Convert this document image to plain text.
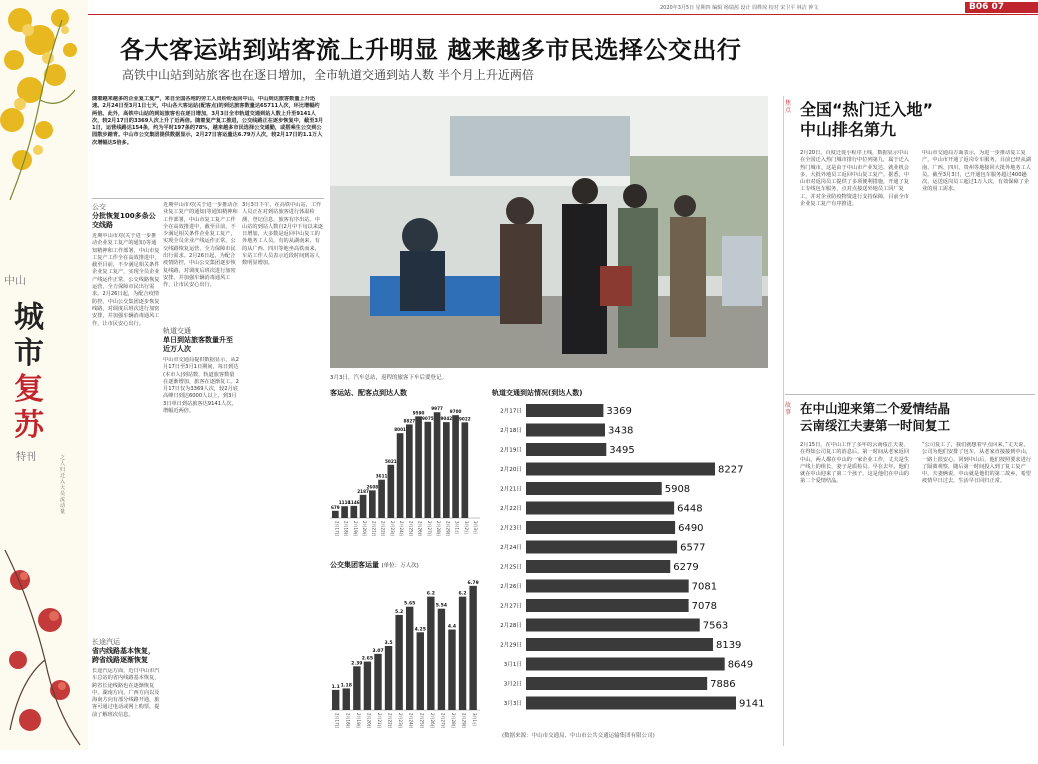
2020年3月5日 星期四 编辑 杨瑞茜 设计 周桦琼 校对 宋卫平 林洁 钟文	B06 07
中山
城
市
复
苏
特刊	之人归迁入大员流动量
各大客运站到站客流上升明显 越来越多市民选择公交出行
高铁中山站到站旅客也在逐日增加，全市轨道交通到站人数 半个月上升近两倍
随着越来越多的企业复工复产，来自全国各地的劳工人员纷纷返回中山，中山到达旅客数量上升迅速。2月24日至3月1日七天，中山各大客运站(配客点)的到达旅客数量达65711人次，环比增幅约两倍。此外，高铁中山站的到站旅客也在逐日增加，3月3日全市轨道交通到站人数上升至9141人次，较2月17日的3369人次上升了近两倍。随着复产复工推进，公交线路正在逐步恢复中，截至3月1日，运营线路达154条，约为平时197条的78%，越来越多市民选择公交通勤，或搭乘生公交到公园散步踏青。中山市公交集团提供数据显示，2月27日客运量达6.79万人次，较2月17日的1.1万人次增幅达5倍多。
公交
分批恢复100多条公交线路
近期中山市对(关于进一步推动企业复工复产的通知)等通知精神和工作部署，中山市复工复产工作全在高效推进中，截至目前，不少满足相关条件企业复工复产，实现全员企业产线运作正常，公交线路恢复运营，全力保障市民出行需求。2月26日起，为配合疫情防控，中山公交集团逐步恢复线路，对调度后班次进行加密安排，并加强车辆消毒通风工作，让市民安心出行。
长途汽运
省内线路基本恢复，跨省线路逐渐恢复
长途汽运方面，近日中山市汽车总站的省内线路基本恢复，跨省长途线路也在逐渐恢复中，湖南方向、广西方向以及海南方向有部分线路开通，旅客可通过电话或网上购票，提前了解班次信息。
近期中山市对(关于进一步推动企业复工复产的通知)等通知精神和工作部署，中山市复工复产工作全在高效推进中，截至目前，不少满足相关条件企业复工复产，实现全员企业产线运作正常，公交线路恢复运营，全力保障市民出行需求。2月26日起，为配合疫情防控，中山公交集团逐步恢复线路，对调度后班次进行加密安排，并加强车辆消毒通风工作，让市民安心出行。
轨道交通
单日到站旅客数量升至近万人次
中山市交通局提供数据显示，从2月17日至3月1日期间，每日到达(本市人)到站数，轨道旅客数量在逐渐增加，旅客在逐渐复工。2月17日仅为3369人次，较2月底高峰日到达6000人以上，到3月3日单日到站旅客达9141人次，增幅近两倍。
3月3日下午，在高铁中山站，工作人员正在对到站旅客进行体温检测、登记信息，旅客有序出站。中山站的到站人数自2月中下旬以来逐日增加，大多数是返回中山复工的外地务工人员，有的从湖南来、有的从广西、四川等地坐高铁而来，车站工作人员表示近段时间到站人数明显增加。
3月3日，汽车总站，返程的旅客下车后要登记。
客运站、配客点到达人数
679
2月17日
1110
2月18日
1146
2月19日
2187
2月20日
2608
2月21日
3611
2月22日
5021
2月23日
8001
2月24日
8827
2月25日
9590
2月26日
9075
2月27日
9977
2月28日
9042
2月29日
9700
3月1日
9022
3月2日 3月3日
公交集团客运量 (单位：万人次)
1.1
2月17日
1.18
2月18日
2.39
2月19日
2.65
2月20日
3.07
2月21日
3.5
2月22日
5.2
2月23日
5.65
2月24日
4.25
2月25日
6.2
2月26日
5.54
2月27日
4.4
2月28日
6.2
2月29日
6.79
3月1日
轨道交通到站情况(到达人数)
2月17日	3369
2月18日	3438
2月19日	3495
2月20日	8227
2月21日	5908
2月22日	6448
2月23日	6490
2月24日	6577
2月25日	6279
2月26日	7081
2月27日	7078
2月28日	7563
2月29日	8139
3月1日	8649
3月2日	7886
3月3日	9141
(数据来源：中山市交通局、中山市公共交通运输集团有限公司)
焦点 全国“热门迁入地”
中山排名第九
2月20日，百度迁徙小程序上线，数据显示中山在全国迁入热门城市排行中位列第九，属于迁入热门城市。这是由于中山市产业发达、就业机会多，大批外地员工返回中山复工复产。据悉，中山市对返岗员工提供了多项便利措施，开通了复工专线包车服务，点对点接送外地员工回厂复工，并对企业防疫物资进行支持保障，目前全市企业复工复产有序推进。
中山市交通局方面表示，为进一步推动复工复产，中山市开通了返岗专车服务，目前已经从湖南、广西、四川、贵州等地接回大批外地务工人员。截至3月3日，已开通包车服务超过400趟次，运送返岗员工超过1万人次，有效保障了企业的用工需求。
故事 在中山迎来第二个爱情结晶
云南绥江夫妻第一时间复工
2月15日，在中山工作了多年的云南绥江夫妻，在得知公司复工的消息后，第一时间从老家返回中山。两人都在中山的一家企业工作，丈夫是生产线上的组长，妻子是质检员。早在去年，他们就在中山迎来了第二个孩子，这是他们在中山的第二个爱情结晶。
“公司复工了，我们就想着早点回来，”丈夫说，公司为他们安排了包车，从老家直接接到中山，一路上很安心。回到中山后，他们按照要求进行了隔离观察，随后第一时间投入到了复工复产中。夫妻俩说，中山就是他们的第二故乡，希望疫情早日过去，生活早日回归正常。
